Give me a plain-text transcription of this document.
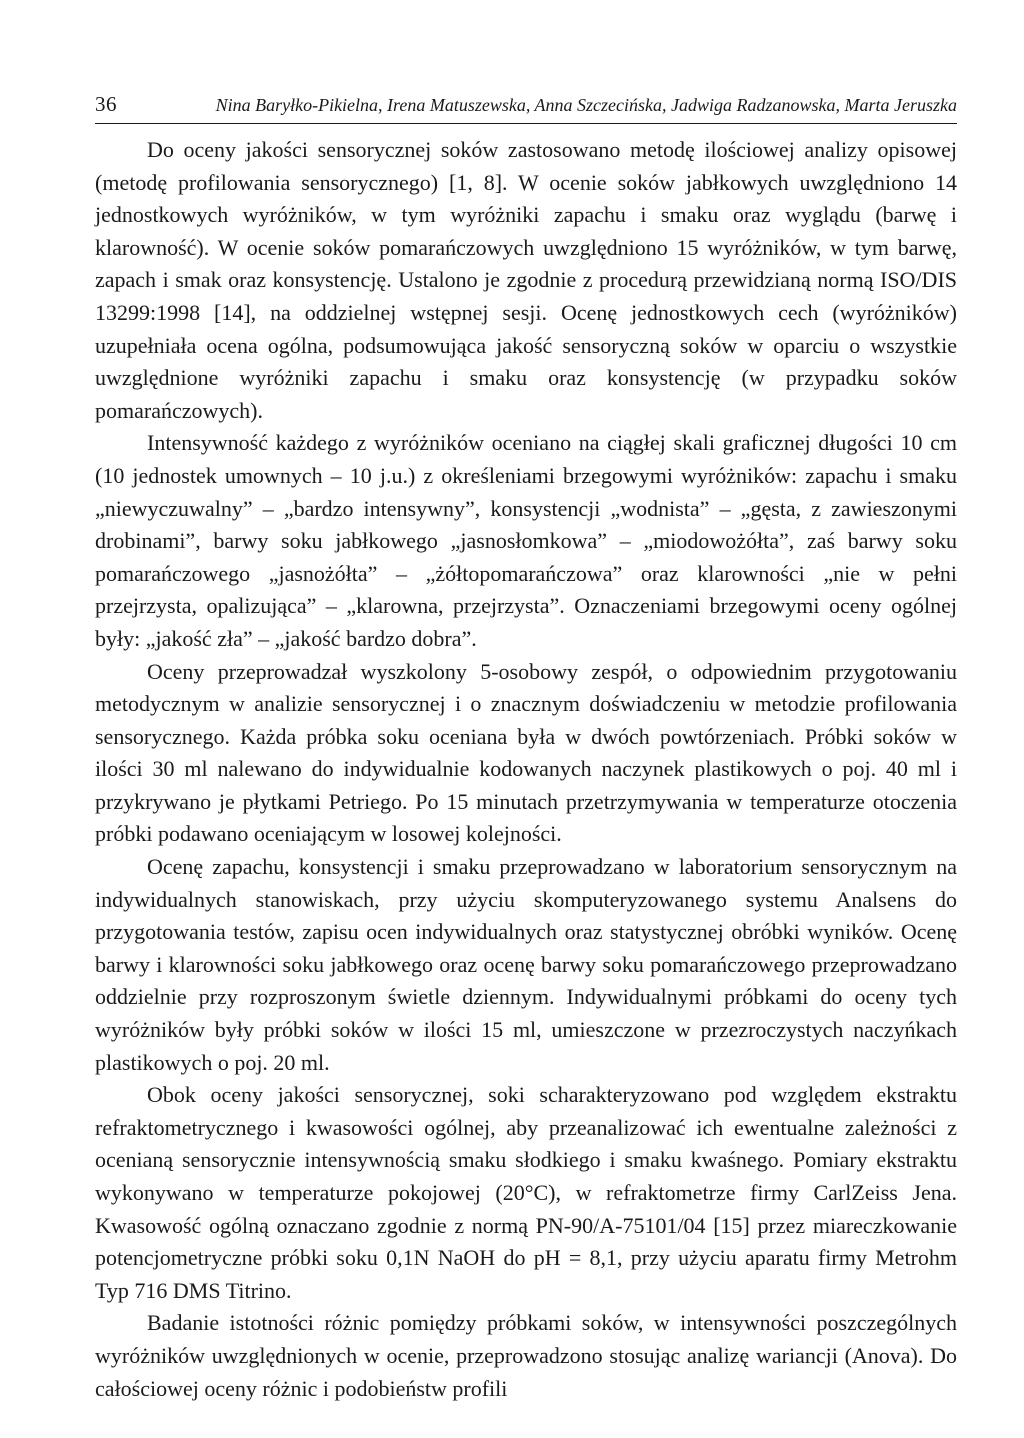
36	Nina Baryłko-Pikielna, Irena Matuszewska, Anna Szczecińska, Jadwiga Radzanowska, Marta Jeruszka

Do oceny jakości sensorycznej soków zastosowano metodę ilościowej analizy opisowej (metodę profilowania sensorycznego) [1, 8]. W ocenie soków jabłkowych uwzględniono 14 jednostkowych wyróżników, w tym wyróżniki zapachu i smaku oraz wyglądu (barwę i klarowność). W ocenie soków pomarańczowych uwzględniono 15 wyróżników, w tym barwę, zapach i smak oraz konsystencję. Ustalono je zgodnie z procedurą przewidzianą normą ISO/DIS 13299:1998 [14], na oddzielnej wstępnej sesji. Ocenę jednostkowych cech (wyróżników) uzupełniała ocena ogólna, podsumowująca jakość sensoryczną soków w oparciu o wszystkie uwzględnione wyróżniki zapachu i smaku oraz konsystencję (w przypadku soków pomarańczowych).

Intensywność każdego z wyróżników oceniano na ciągłej skali graficznej długości 10 cm (10 jednostek umownych – 10 j.u.) z określeniami brzegowymi wyróżników: zapachu i smaku „niewyczuwalny” – „bardzo intensywny”, konsystencji „wodnista” – „gęsta, z zawieszonymi drobinami”, barwy soku jabłkowego „jasnosłomkowa” – „miodowożółta”, zaś barwy soku pomarańczowego „jasnożółta” – „żółtopomarańczowa” oraz klarowności „nie w pełni przejrzysta, opalizująca” – „klarowna, przejrzysta”. Oznaczeniami brzegowymi oceny ogólnej były: „jakość zła” – „jakość bardzo dobra”.

Oceny przeprowadzał wyszkolony 5-osobowy zespół, o odpowiednim przygotowaniu metodycznym w analizie sensorycznej i o znacznym doświadczeniu w metodzie profilowania sensorycznego. Każda próbka soku oceniana była w dwóch powtórzeniach. Próbki soków w ilości 30 ml nalewano do indywidualnie kodowanych naczynek plastikowych o poj. 40 ml i przykrywano je płytkami Petriego. Po 15 minutach przetrzymywania w temperaturze otoczenia próbki podawano oceniającym w losowej kolejności.

Ocenę zapachu, konsystencji i smaku przeprowadzano w laboratorium sensorycznym na indywidualnych stanowiskach, przy użyciu skomputeryzowanego systemu Analsens do przygotowania testów, zapisu ocen indywidualnych oraz statystycznej obróbki wyników. Ocenę barwy i klarowności soku jabłkowego oraz ocenę barwy soku pomarańczowego przeprowadzano oddzielnie przy rozproszonym świetle dziennym. Indywidualnymi próbkami do oceny tych wyróżników były próbki soków w ilości 15 ml, umieszczone w przezroczystych naczyńkach plastikowych o poj. 20 ml.

Obok oceny jakości sensorycznej, soki scharakteryzowano pod względem ekstraktu refraktometrycznego i kwasowości ogólnej, aby przeanalizować ich ewentualne zależności z ocenianą sensorycznie intensywnością smaku słodkiego i smaku kwaśnego. Pomiary ekstraktu wykonywano w temperaturze pokojowej (20°C), w refraktometrze firmy CarlZeiss Jena. Kwasowość ogólną oznaczano zgodnie z normą PN-90/A-75101/04 [15] przez miareczkowanie potencjometryczne próbki soku 0,1N NaOH do pH = 8,1, przy użyciu aparatu firmy Metrohm Typ 716 DMS Titrino.

Badanie istotności różnic pomiędzy próbkami soków, w intensywności poszczególnych wyróżników uwzględnionych w ocenie, przeprowadzono stosując analizę wariancji (Anova). Do całościowej oceny różnic i podobieństw profili
